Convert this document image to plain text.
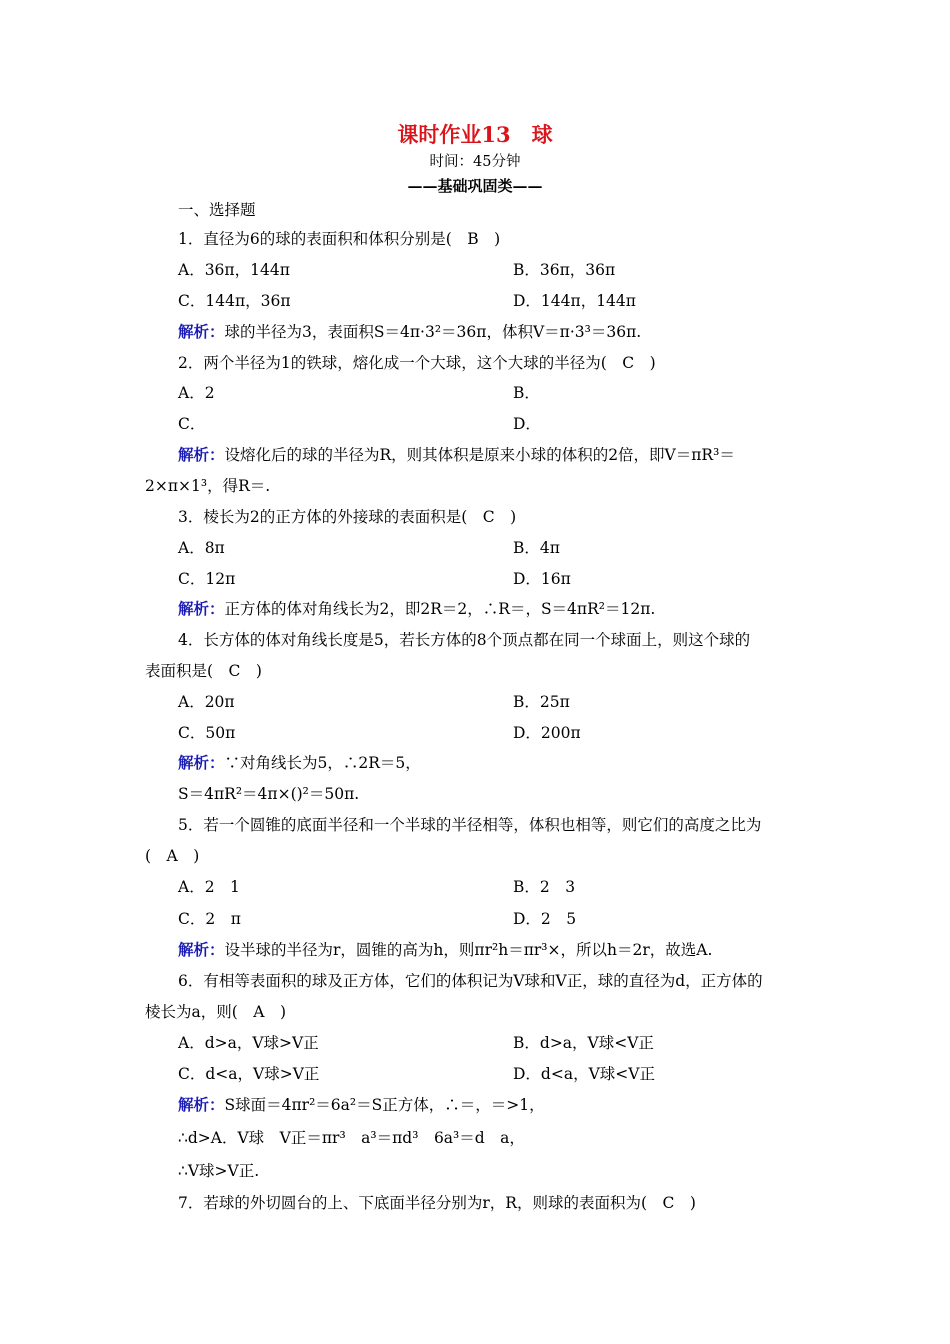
课时作业13　球
时间：45分钟
——基础巩固类——
一、选择题
1．直径为6的球的表面积和体积分别是(　B　)
A．36π，144π	B．36π，36π
C．144π，36π	D．144π，144π
解析：球的半径为3，表面积S＝4π·3²＝36π，体积V＝π·3³＝36π.
2．两个半径为1的铁球，熔化成一个大球，这个大球的半径为(　C　)
A．2	B．
C．	D．
解析：设熔化后的球的半径为R，则其体积是原来小球的体积的2倍，即V＝πR³＝
2×π×1³，得R＝.
3．棱长为2的正方体的外接球的表面积是(　C　)
A．8π	B．4π
C．12π	D．16π
解析：正方体的体对角线长为2，即2R＝2，∴R＝，S＝4πR²＝12π.
4．长方体的体对角线长度是5，若长方体的8个顶点都在同一个球面上，则这个球的
表面积是(　C　)
A．20π	B．25π
C．50π	D．200π
解析：∵对角线长为5，∴2R＝5，
S＝4πR²＝4π×()²＝50π.
5．若一个圆锥的底面半径和一个半球的半径相等，体积也相等，则它们的高度之比为
(　A　)
A．2　1	B．2　3
C．2　π	D．2　5
解析：设半球的半径为r，圆锥的高为h，则πr²h＝πr³×，所以h＝2r，故选A.
6．有相等表面积的球及正方体，它们的体积记为V球和V正，球的直径为d，正方体的
棱长为a，则(　A　)
A．d>a，V球>V正	B．d>a，V球<V正
C．d<a，V球>V正	D．d<a，V球<V正
解析：S球面＝4πr²＝6a²＝S正方体，∴＝，＝>1，
∴d>A．V球　V正＝πr³　a³＝πd³　6a³＝d　a，
∴V球>V正.
7．若球的外切圆台的上、下底面半径分别为r，R，则球的表面积为(　C　)
